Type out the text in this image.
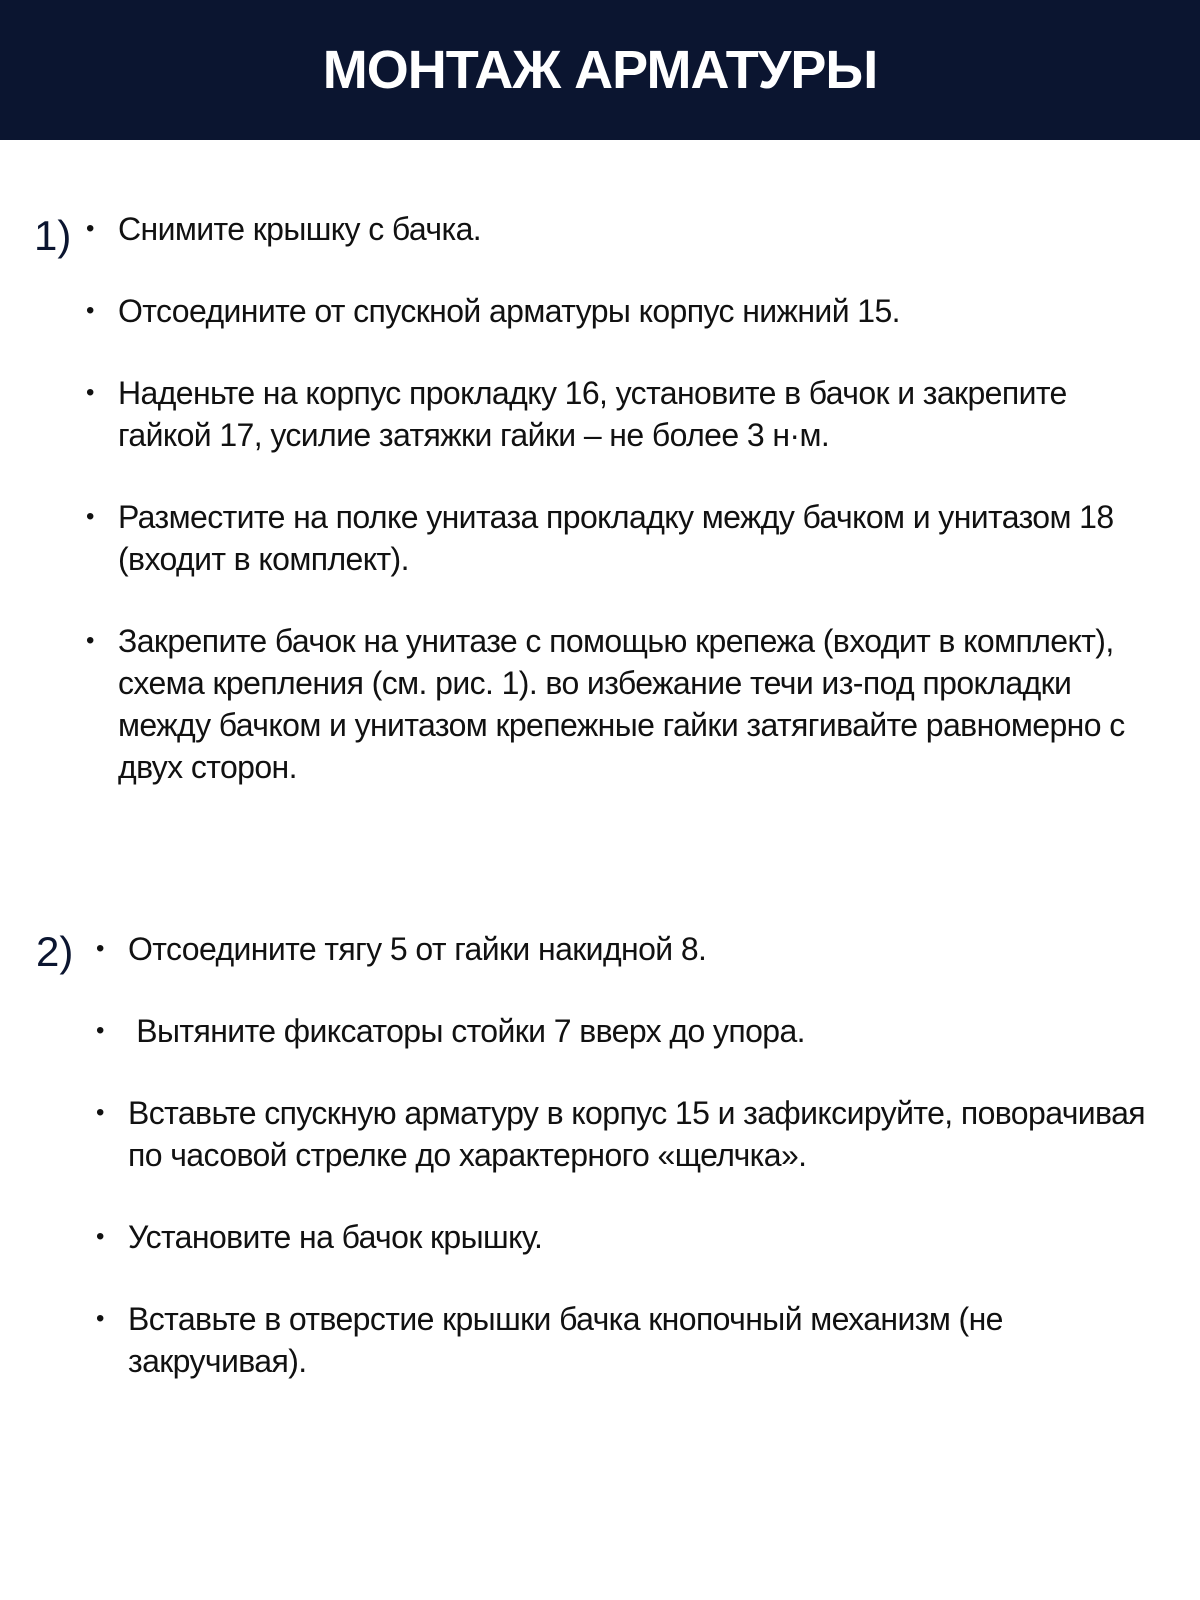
МОНТАЖ АРМАТУРЫ
1) • Снимите крышку с бачка.
• Отсоедините от спускной арматуры корпус нижний 15.
• Наденьте на корпус прокладку 16, установите в бачок и закрепите гайкой 17, усилие затяжки гайки – не более 3 н·м.
• Разместите на полке унитаза прокладку между бачком и унитазом 18 (входит в комплект).
• Закрепите бачок на унитазе с помощью крепежа (входит в комплект), схема крепления (см. рис. 1). во избежание течи из-под прокладки между бачком и унитазом крепежные гайки затягивайте равномерно с двух сторон.
2) • Отсоедините тягу 5 от гайки накидной 8.
• Вытяните фиксаторы стойки 7 вверх до упора.
• Вставьте спускную арматуру в корпус 15 и зафиксируйте, поворачивая по часовой стрелке до характерного «щелчка».
• Установите на бачок крышку.
• Вставьте в отверстие крышки бачка кнопочный механизм (не закручивая).
